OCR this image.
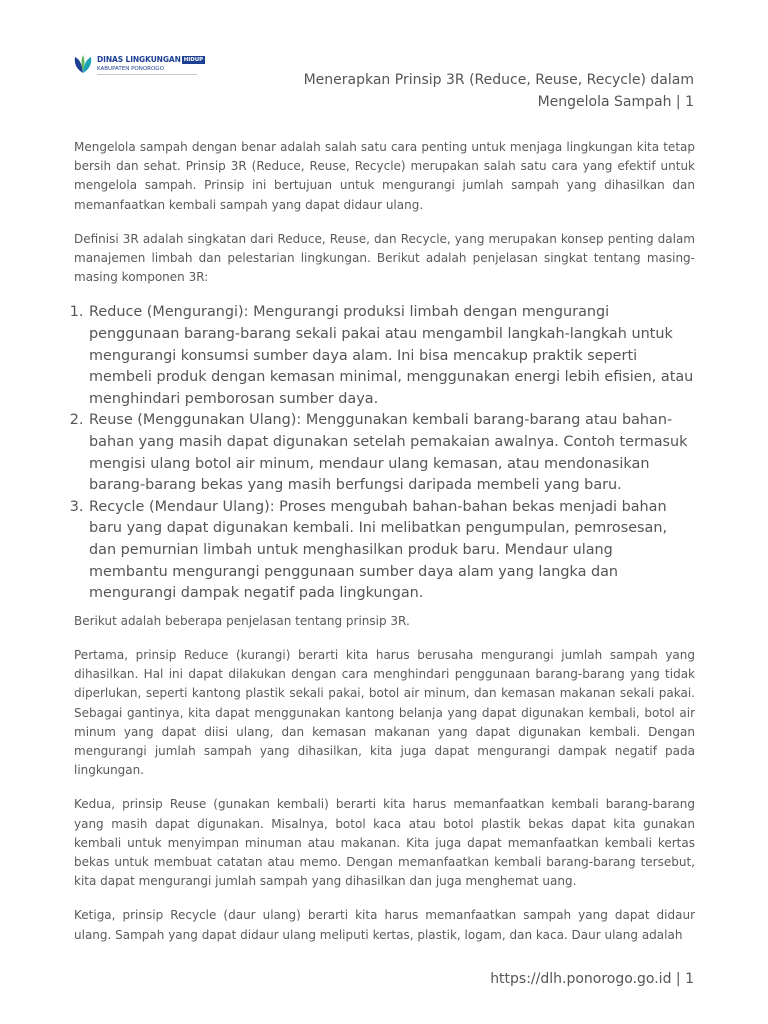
DINAS LINGKUNGAN HIDUP
KABUPATEN PONOROGO
Menerapkan Prinsip 3R (Reduce, Reuse, Recycle) dalam
Mengelola Sampah | 1

Mengelola sampah dengan benar adalah salah satu cara penting untuk menjaga lingkungan kita tetap bersih dan sehat. Prinsip 3R (Reduce, Reuse, Recycle) merupakan salah satu cara yang efektif untuk mengelola sampah. Prinsip ini bertujuan untuk mengurangi jumlah sampah yang dihasilkan dan memanfaatkan kembali sampah yang dapat didaur ulang.

Definisi 3R adalah singkatan dari Reduce, Reuse, dan Recycle, yang merupakan konsep penting dalam manajemen limbah dan pelestarian lingkungan. Berikut adalah penjelasan singkat tentang masing-masing komponen 3R:

1. Reduce (Mengurangi): Mengurangi produksi limbah dengan mengurangi penggunaan barang-barang sekali pakai atau mengambil langkah-langkah untuk mengurangi konsumsi sumber daya alam. Ini bisa mencakup praktik seperti membeli produk dengan kemasan minimal, menggunakan energi lebih efisien, atau menghindari pemborosan sumber daya.
2. Reuse (Menggunakan Ulang): Menggunakan kembali barang-barang atau bahan-bahan yang masih dapat digunakan setelah pemakaian awalnya. Contoh termasuk mengisi ulang botol air minum, mendaur ulang kemasan, atau mendonasikan barang-barang bekas yang masih berfungsi daripada membeli yang baru.
3. Recycle (Mendaur Ulang): Proses mengubah bahan-bahan bekas menjadi bahan baru yang dapat digunakan kembali. Ini melibatkan pengumpulan, pemrosesan, dan pemurnian limbah untuk menghasilkan produk baru. Mendaur ulang membantu mengurangi penggunaan sumber daya alam yang langka dan mengurangi dampak negatif pada lingkungan.

Berikut adalah beberapa penjelasan tentang prinsip 3R.

Pertama, prinsip Reduce (kurangi) berarti kita harus berusaha mengurangi jumlah sampah yang dihasilkan. Hal ini dapat dilakukan dengan cara menghindari penggunaan barang-barang yang tidak diperlukan, seperti kantong plastik sekali pakai, botol air minum, dan kemasan makanan sekali pakai. Sebagai gantinya, kita dapat menggunakan kantong belanja yang dapat digunakan kembali, botol air minum yang dapat diisi ulang, dan kemasan makanan yang dapat digunakan kembali. Dengan mengurangi jumlah sampah yang dihasilkan, kita juga dapat mengurangi dampak negatif pada lingkungan.

Kedua, prinsip Reuse (gunakan kembali) berarti kita harus memanfaatkan kembali barang-barang yang masih dapat digunakan. Misalnya, botol kaca atau botol plastik bekas dapat kita gunakan kembali untuk menyimpan minuman atau makanan. Kita juga dapat memanfaatkan kembali kertas bekas untuk membuat catatan atau memo. Dengan memanfaatkan kembali barang-barang tersebut, kita dapat mengurangi jumlah sampah yang dihasilkan dan juga menghemat uang.

Ketiga, prinsip Recycle (daur ulang) berarti kita harus memanfaatkan sampah yang dapat didaur ulang. Sampah yang dapat didaur ulang meliputi kertas, plastik, logam, dan kaca. Daur ulang adalah

https://dlh.ponorogo.go.id | 1
